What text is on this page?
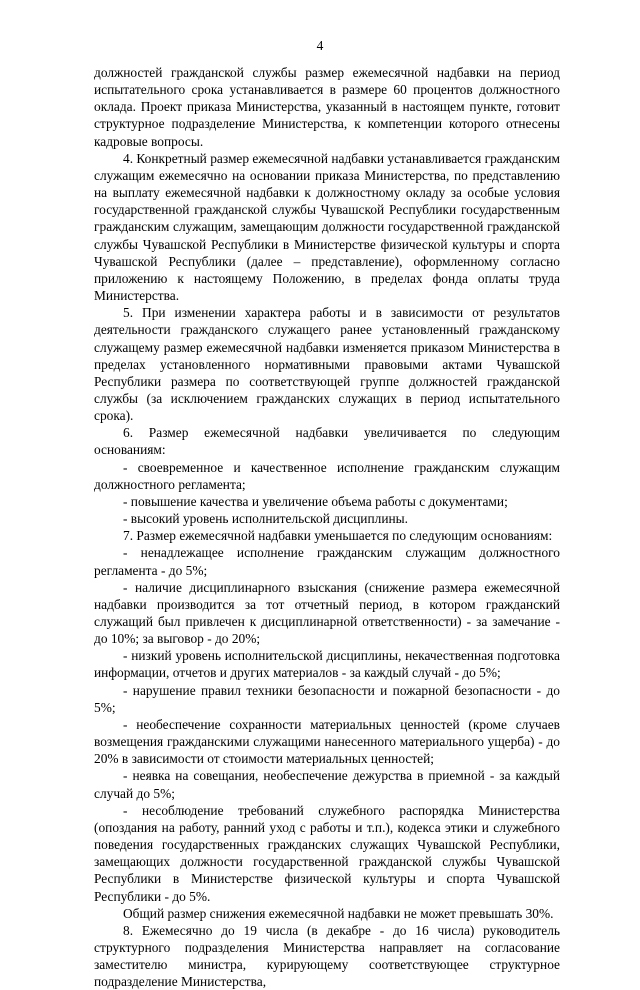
4

должностей гражданской службы размер ежемесячной надбавки на период испытательного срока устанавливается в размере 60 процентов должностного оклада. Проект приказа Министерства, указанный в настоящем пункте, готовит структурное подразделение Министерства, к компетенции которого отнесены кадровые вопросы.

4. Конкретный размер ежемесячной надбавки устанавливается гражданским служащим ежемесячно на основании приказа Министерства, по представлению на выплату ежемесячной надбавки к должностному окладу за особые условия государственной гражданской службы Чувашской Республики государственным гражданским служащим, замещающим должности государственной гражданской службы Чувашской Республики в Министерстве физической культуры и спорта Чувашской Республики (далее – представление), оформленному согласно приложению к настоящему Положению, в пределах фонда оплаты труда Министерства.

5. При изменении характера работы и в зависимости от результатов деятельности гражданского служащего ранее установленный гражданскому служащему размер ежемесячной надбавки изменяется приказом Министерства в пределах установленного нормативными правовыми актами Чувашской Республики размера по соответствующей группе должностей гражданской службы (за исключением гражданских служащих в период испытательного срока).

6. Размер ежемесячной надбавки увеличивается по следующим основаниям:

- своевременное и качественное исполнение гражданским служащим должностного регламента;

- повышение качества и увеличение объема работы с документами;

- высокий уровень исполнительской дисциплины.

7. Размер ежемесячной надбавки уменьшается по следующим основаниям:

- ненадлежащее исполнение гражданским служащим должностного регламента - до 5%;

- наличие дисциплинарного взыскания (снижение размера ежемесячной надбавки производится за тот отчетный период, в котором гражданский служащий был привлечен к дисциплинарной ответственности) - за замечание - до 10%; за выговор - до 20%;

- низкий уровень исполнительской дисциплины, некачественная подготовка информации, отчетов и других материалов - за каждый случай - до 5%;

- нарушение правил техники безопасности и пожарной безопасности - до 5%;

- необеспечение сохранности материальных ценностей (кроме случаев возмещения гражданскими служащими нанесенного материального ущерба) - до 20% в зависимости от стоимости материальных ценностей;

- неявка на совещания, необеспечение дежурства в приемной - за каждый случай до 5%;

- несоблюдение требований служебного распорядка Министерства (опоздания на работу, ранний уход с работы и т.п.), кодекса этики и служебного поведения государственных гражданских служащих Чувашской Республики, замещающих должности государственной гражданской службы Чувашской Республики в Министерстве физической культуры и спорта Чувашской Республики - до 5%.

Общий размер снижения ежемесячной надбавки не может превышать 30%.

8. Ежемесячно до 19 числа (в декабре - до 16 числа) руководитель структурного подразделения Министерства направляет на согласование заместителю министра, курирующему соответствующее структурное подразделение Министерства,
